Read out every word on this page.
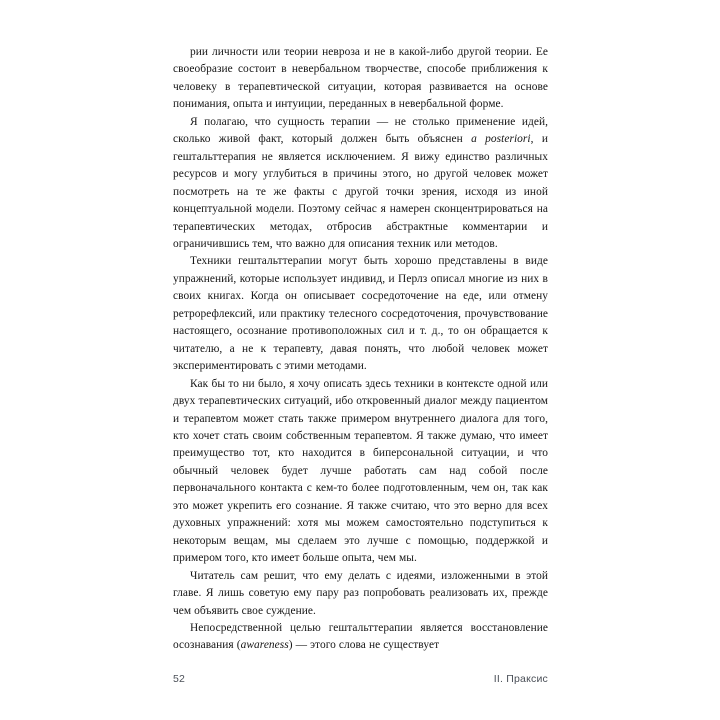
рии личности или теории невроза и не в какой-либо другой теории. Ее своеобразие состоит в невербальном творчестве, способе приближения к человеку в терапевтической ситуации, которая развивается на основе понимания, опыта и интуиции, переданных в невербальной форме.

Я полагаю, что сущность терапии — не столько применение идей, сколько живой факт, который должен быть объяснен a posteriori, и гештальттерапия не является исключением. Я вижу единство различных ресурсов и могу углубиться в причины этого, но другой человек может посмотреть на те же факты с другой точки зрения, исходя из иной концептуальной модели. Поэтому сейчас я намерен сконцентрироваться на терапевтических методах, отбросив абстрактные комментарии и ограничившись тем, что важно для описания техник или методов.

Техники гештальттерапии могут быть хорошо представлены в виде упражнений, которые использует индивид, и Перлз описал многие из них в своих книгах. Когда он описывает сосредоточение на еде, или отмену ретрорефлексий, или практику телесного сосредоточения, прочувствование настоящего, осознание противоположных сил и т. д., то он обращается к читателю, а не к терапевту, давая понять, что любой человек может экспериментировать с этими методами.

Как бы то ни было, я хочу описать здесь техники в контексте одной или двух терапевтических ситуаций, ибо откровенный диалог между пациентом и терапевтом может стать также примером внутреннего диалога для того, кто хочет стать своим собственным терапевтом. Я также думаю, что имеет преимущество тот, кто находится в биперсональной ситуации, и что обычный человек будет лучше работать сам над собой после первоначального контакта с кем-то более подготовленным, чем он, так как это может укрепить его сознание. Я также считаю, что это верно для всех духовных упражнений: хотя мы можем самостоятельно подступиться к некоторым вещам, мы сделаем это лучше с помощью, поддержкой и примером того, кто имеет больше опыта, чем мы.

Читатель сам решит, что ему делать с идеями, изложенными в этой главе. Я лишь советую ему пару раз попробовать реализовать их, прежде чем объявить свое суждение.

Непосредственной целью гештальттерапии является восстановление осознавания (awareness) — этого слова не существует

52	II. Праксис
